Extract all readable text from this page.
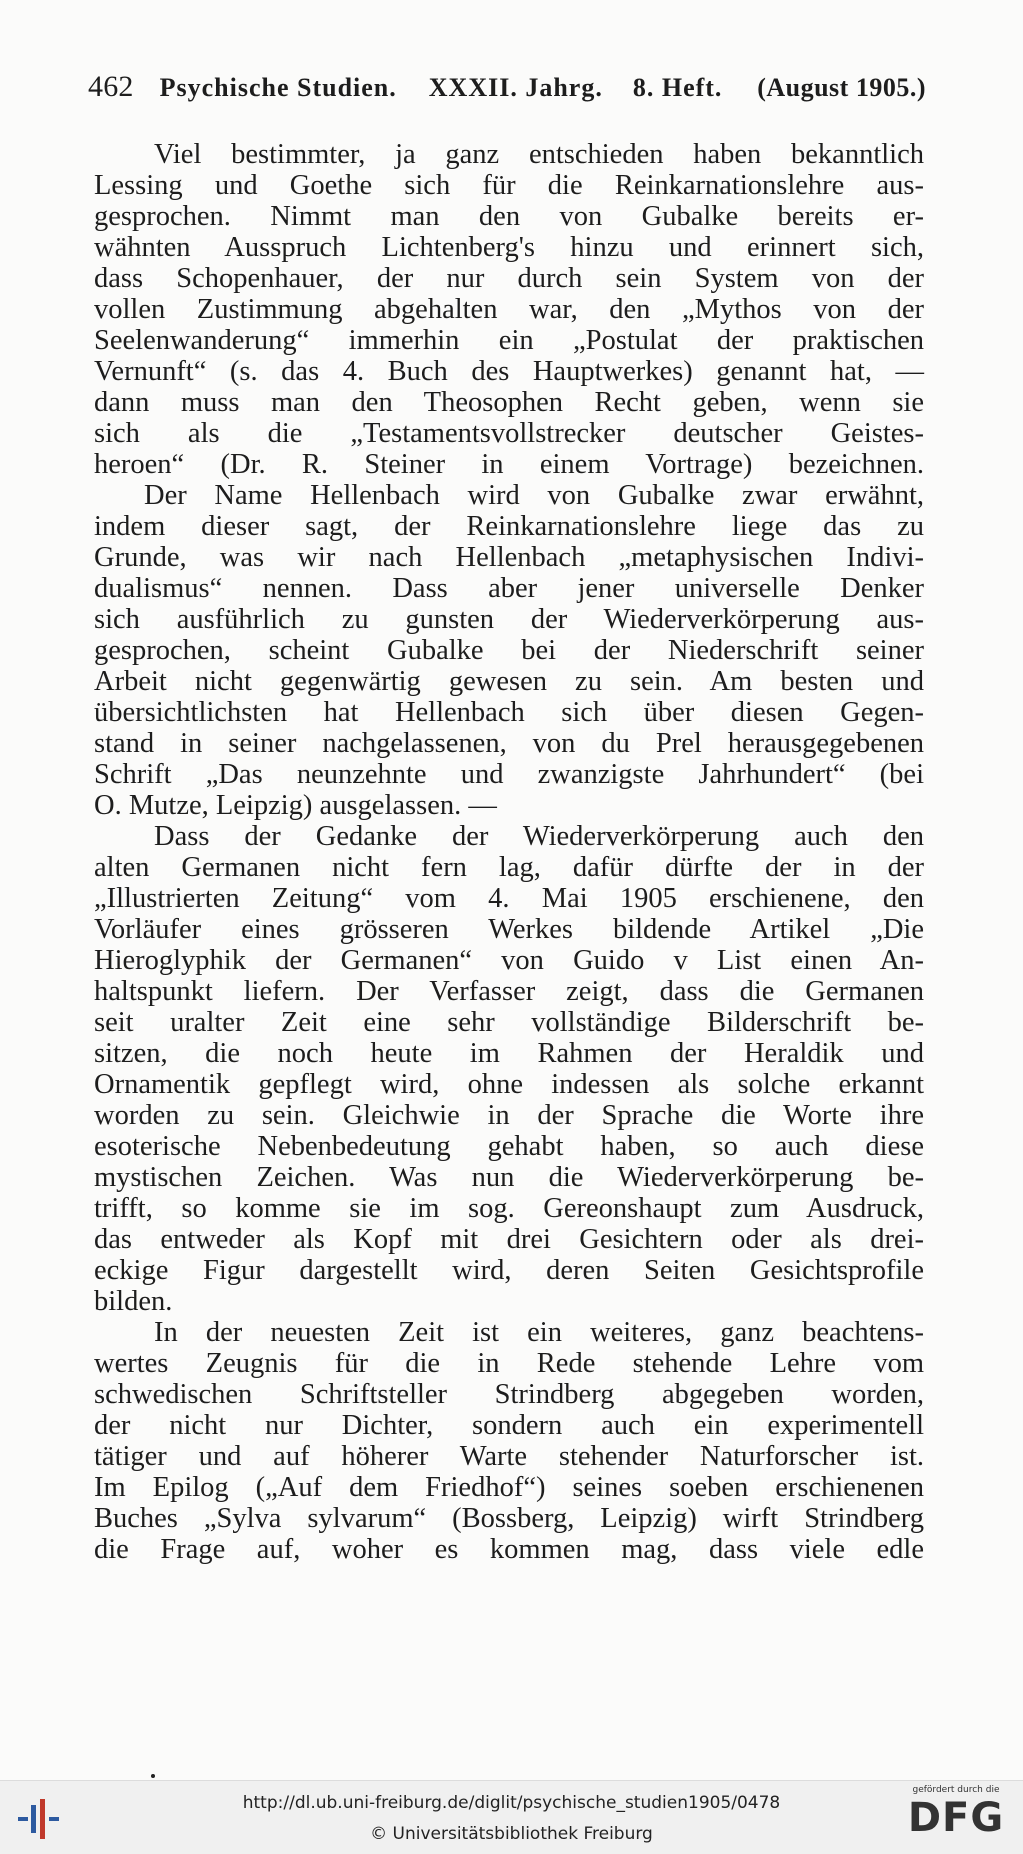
462 Psychische Studien. XXXII. Jahrg. 8. Heft. (August 1905.)
Viel bestimmter, ja ganz entschieden haben bekanntlich
Lessing und Goethe sich für die Reinkarnationslehre aus-
gesprochen. Nimmt man den von Gubalke bereits er-
wähnten Ausspruch Lichtenberg's hinzu und erinnert sich,
dass Schopenhauer, der nur durch sein System von der
vollen Zustimmung abgehalten war, den „Mythos von der
Seelenwanderung“ immerhin ein „Postulat der praktischen
Vernunft“ (s. das 4. Buch des Hauptwerkes) genannt hat, —
dann muss man den Theosophen Recht geben, wenn sie
sich als die „Testamentsvollstrecker deutscher Geistes-
heroen“ (Dr. R. Steiner in einem Vortrage) bezeichnen.
Der Name Hellenbach wird von Gubalke zwar erwähnt,
indem dieser sagt, der Reinkarnationslehre liege das zu
Grunde, was wir nach Hellenbach „metaphysischen Indivi-
dualismus“ nennen. Dass aber jener universelle Denker
sich ausführlich zu gunsten der Wiederverkörperung aus-
gesprochen, scheint Gubalke bei der Niederschrift seiner
Arbeit nicht gegenwärtig gewesen zu sein. Am besten und
übersichtlichsten hat Hellenbach sich über diesen Gegen-
stand in seiner nachgelassenen, von du Prel herausgegebenen
Schrift „Das neunzehnte und zwanzigste Jahrhundert“ (bei
O. Mutze, Leipzig) ausgelassen. —
Dass der Gedanke der Wiederverkörperung auch den
alten Germanen nicht fern lag, dafür dürfte der in der
„Illustrierten Zeitung“ vom 4. Mai 1905 erschienene, den
Vorläufer eines grösseren Werkes bildende Artikel „Die
Hieroglyphik der Germanen“ von Guido v List einen An-
haltspunkt liefern. Der Verfasser zeigt, dass die Germanen
seit uralter Zeit eine sehr vollständige Bilderschrift be-
sitzen, die noch heute im Rahmen der Heraldik und
Ornamentik gepflegt wird, ohne indessen als solche erkannt
worden zu sein. Gleichwie in der Sprache die Worte ihre
esoterische Nebenbedeutung gehabt haben, so auch diese
mystischen Zeichen. Was nun die Wiederverkörperung be-
trifft, so komme sie im sog. Gereonshaupt zum Ausdruck,
das entweder als Kopf mit drei Gesichtern oder als drei-
eckige Figur dargestellt wird, deren Seiten Gesichtsprofile
bilden.
In der neuesten Zeit ist ein weiteres, ganz beachtens-
wertes Zeugnis für die in Rede stehende Lehre vom
schwedischen Schriftsteller Strindberg abgegeben worden,
der nicht nur Dichter, sondern auch ein experimentell
tätiger und auf höherer Warte stehender Naturforscher ist.
Im Epilog („Auf dem Friedhof“) seines soeben erschienenen
Buches „Sylva sylvarum“ (Bossberg, Leipzig) wirft Strindberg
die Frage auf, woher es kommen mag, dass viele edle
http://dl.ub.uni-freiburg.de/diglit/psychische_studien1905/0478
© Universitätsbibliothek Freiburg
gefördert durch die
DFG
